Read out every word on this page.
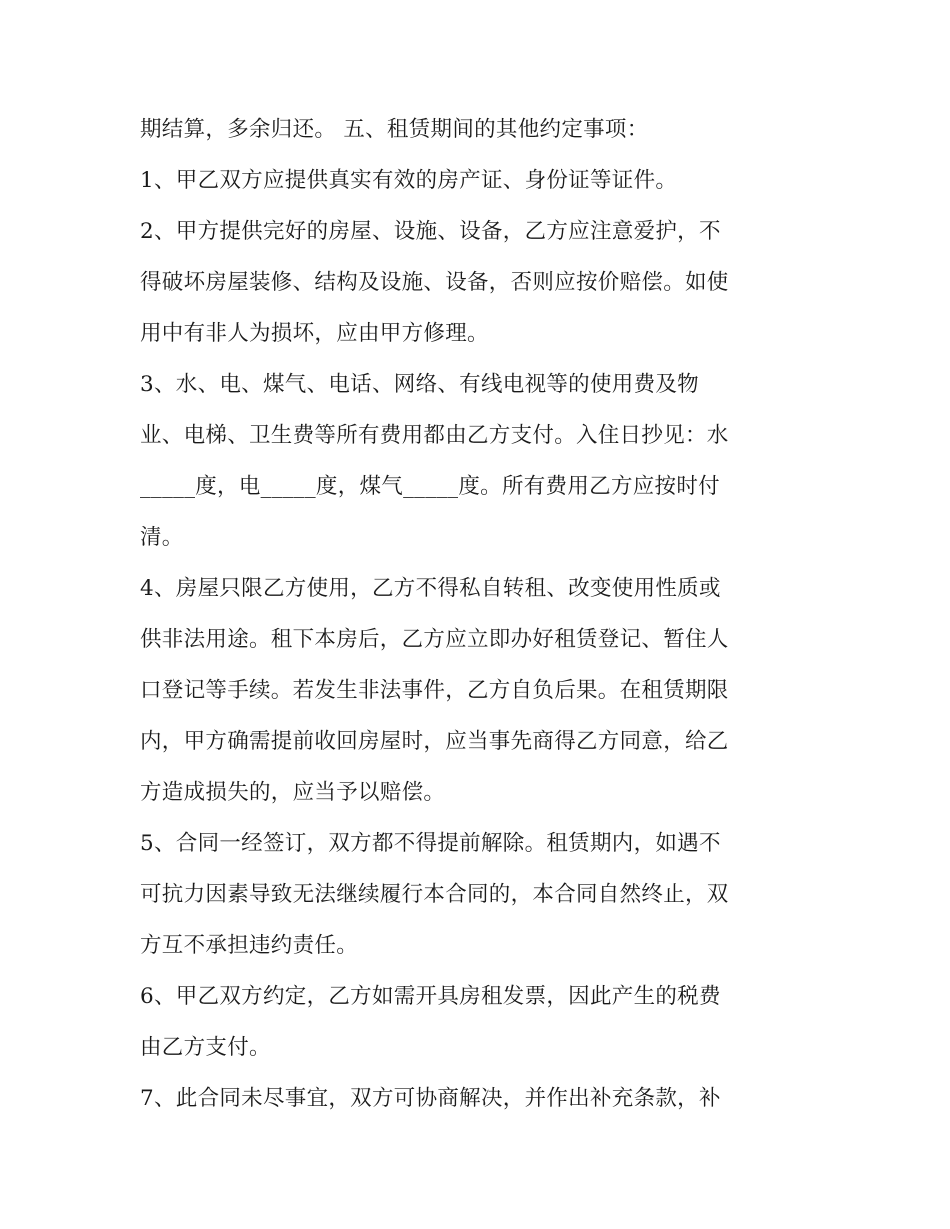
期结算，多余归还。 五、租赁期间的其他约定事项：
1、甲乙双方应提供真实有效的房产证、身份证等证件。
2、甲方提供完好的房屋、设施、设备，乙方应注意爱护，不
得破坏房屋装修、结构及设施、设备，否则应按价赔偿。如使
用中有非人为损坏，应由甲方修理。
3、水、电、煤气、电话、网络、有线电视等的使用费及物
业、电梯、卫生费等所有费用都由乙方支付。入住日抄见：水
_____度，电_____度，煤气_____度。所有费用乙方应按时付
清。
4、房屋只限乙方使用，乙方不得私自转租、改变使用性质或
供非法用途。租下本房后，乙方应立即办好租赁登记、暂住人
口登记等手续。若发生非法事件，乙方自负后果。在租赁期限
内，甲方确需提前收回房屋时，应当事先商得乙方同意，给乙
方造成损失的，应当予以赔偿。
5、合同一经签订，双方都不得提前解除。租赁期内，如遇不
可抗力因素导致无法继续履行本合同的，本合同自然终止，双
方互不承担违约责任。
6、甲乙双方约定，乙方如需开具房租发票，因此产生的税费
由乙方支付。
7、此合同未尽事宜，双方可协商解决，并作出补充条款，补
